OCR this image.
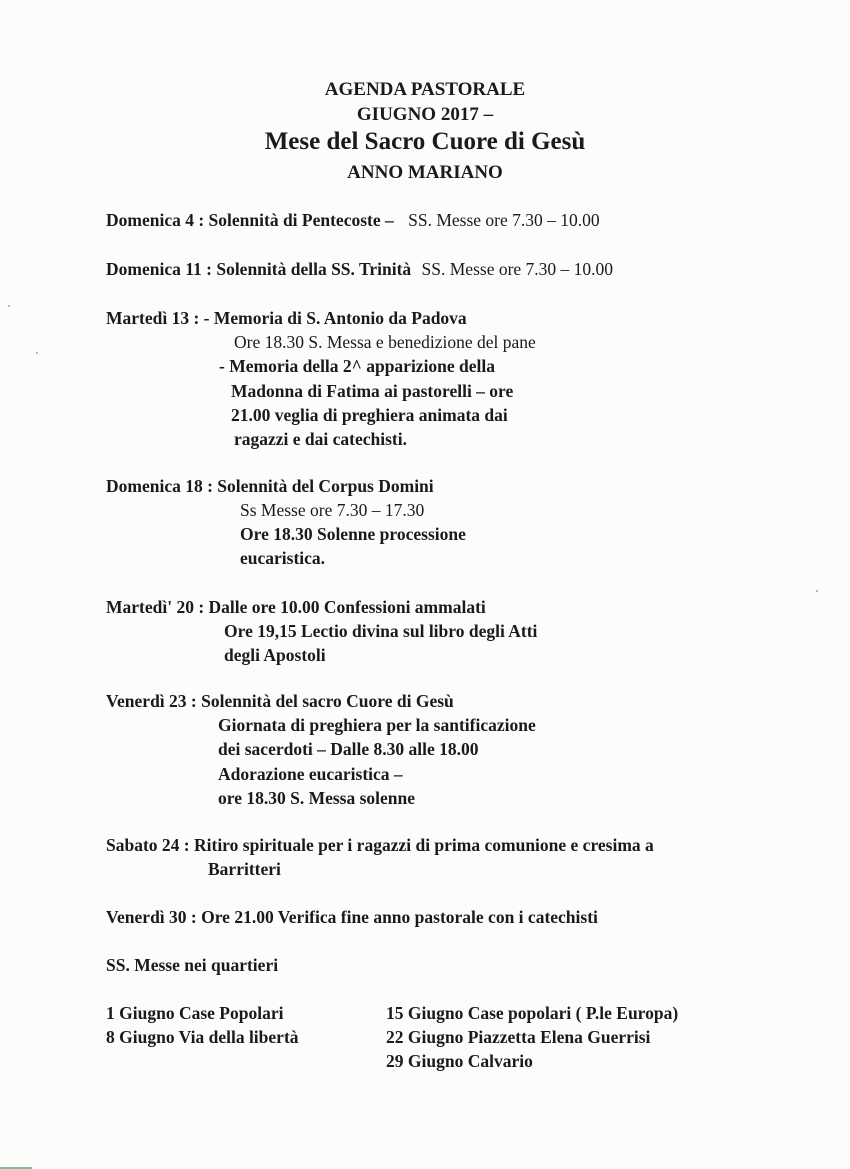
AGENDA PASTORALE
GIUGNO 2017 –
Mese del Sacro Cuore di Gesù
ANNO MARIANO
Domenica 4 : Solennità di Pentecoste – SS. Messe ore 7.30 – 10.00
Domenica 11 : Solennità della SS. Trinità SS. Messe ore 7.30 – 10.00
Martedì 13 : - Memoria di S. Antonio da Padova
Ore 18.30 S. Messa e benedizione del pane
- Memoria della 2^ apparizione della
Madonna di Fatima ai pastorelli – ore
21.00 veglia di preghiera animata dai
ragazzi e dai catechisti.
Domenica 18 : Solennità del Corpus Domini
Ss Messe ore 7.30 – 17.30
Ore 18.30 Solenne processione
eucaristica.
Martedì' 20 : Dalle ore 10.00 Confessioni ammalati
Ore 19,15 Lectio divina sul libro degli Atti
degli Apostoli
Venerdì 23 : Solennità del sacro Cuore di Gesù
Giornata di preghiera per la santificazione
dei sacerdoti – Dalle 8.30 alle 18.00
Adorazione eucaristica –
ore 18.30 S. Messa solenne
Sabato 24 : Ritiro spirituale per i ragazzi di prima comunione e cresima a
Barritteri
Venerdì 30 : Ore 21.00 Verifica fine anno pastorale con i catechisti
SS. Messe nei quartieri
1 Giugno Case Popolari
8 Giugno Via della libertà
15 Giugno Case popolari ( P.le Europa)
22 Giugno Piazzetta Elena Guerrisi
29 Giugno Calvario
